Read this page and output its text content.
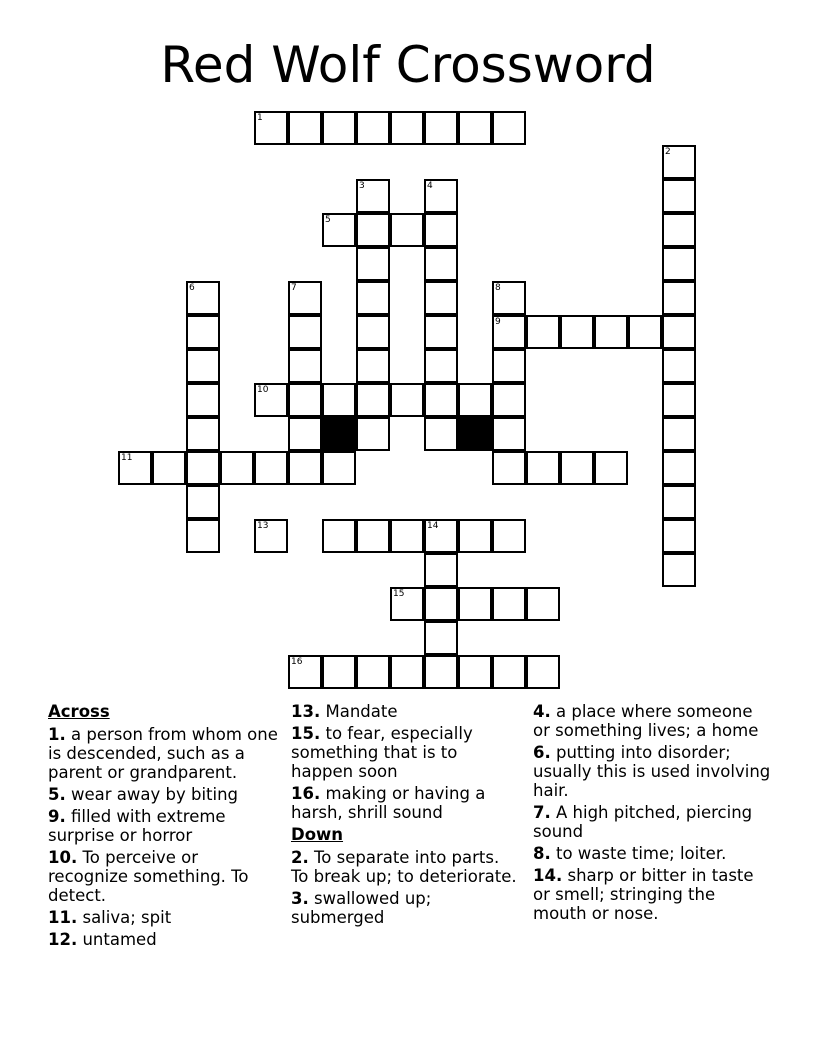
Red Wolf Crossword
1
2
3	4
5
6	7	8
9
10
11
13	14
15
16
Across
1. a person from whom one is descended, such as a parent or grandparent.
5. wear away by biting
9. filled with extreme surprise or horror
10. To perceive or recognize something. To detect.
11. saliva; spit
12. untamed
13. Mandate
15. to fear, especially something that is to happen soon
16. making or having a harsh, shrill sound
Down
2. To separate into parts. To break up; to deteriorate.
3. swallowed up; submerged
4. a place where someone or something lives; a home
6. putting into disorder; usually this is used involving hair.
7. A high pitched, piercing sound
8. to waste time; loiter.
14. sharp or bitter in taste or smell; stringing the mouth or nose.
